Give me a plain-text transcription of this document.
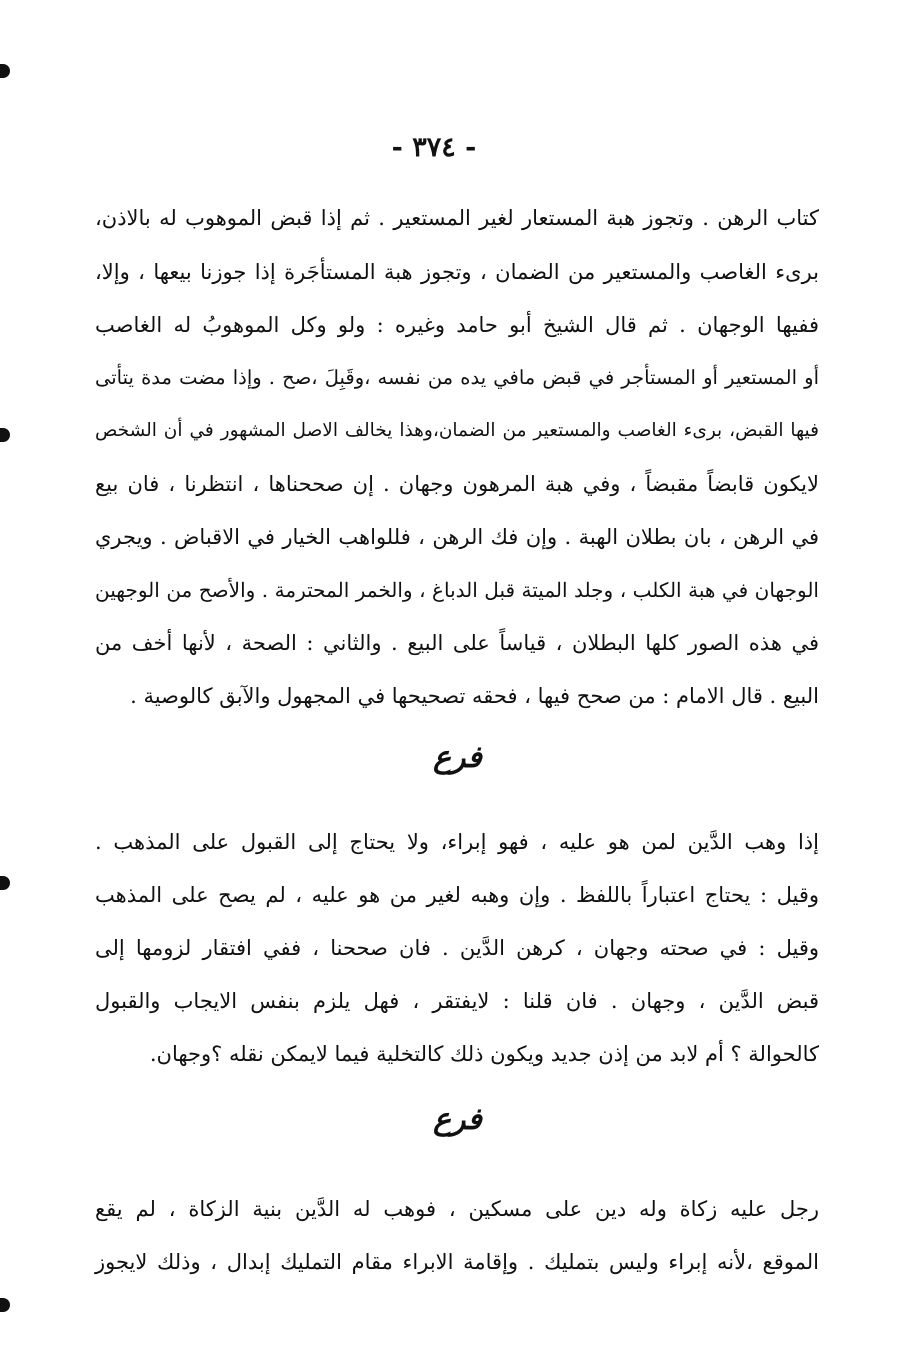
- ٣٧٤ -
كتاب الرهن . وتجوز هبة المستعار لغير المستعير . ثم إذا قبض الموهوب له بالاذن،
برىء الغاصب والمستعير من الضمان ، وتجوز هبة المستأجَرة إذا جوزنا بيعها ، وإلا،
ففيها الوجهان . ثم قال الشيخ أبو حامد وغيره : ولو وكل الموهوبُ له الغاصب
أو المستعير أو المستأجر في قبض مافي يده من نفسه ،وقَبِلَ ،صح . وإذا مضت مدة يتأتى
فيها القبض، برىء الغاصب والمستعير من الضمان،وهذا يخالف الاصل المشهور في أن الشخص
لايكون قابضاً مقبضاً ، وفي هبة المرهون وجهان . إن صححناها ، انتظرنا ، فان بيع
في الرهن ، بان بطلان الهبة . وإن فك الرهن ، فللواهب الخيار في الاقباض . ويجري
الوجهان في هبة الكلب ، وجلد الميتة قبل الدباغ ، والخمر المحترمة . والأصح من الوجهين
في هذه الصور كلها البطلان ، قياساً على البيع . والثاني : الصحة ، لأنها أخف من
البيع . قال الامام : من صحح فيها ، فحقه تصحيحها في المجهول والآبق كالوصية .
فرع
إذا وهب الدَّين لمن هو عليه ، فهو إبراء، ولا يحتاج إلى القبول على المذهب .
وقيل : يحتاج اعتباراً باللفظ . وإن وهبه لغير من هو عليه ، لم يصح على المذهب
وقيل : في صحته وجهان ، كرهن الدَّين . فان صححنا ، ففي افتقار لزومها إلى
قبض الدَّين ، وجهان . فان قلنا : لايفتقر ، فهل يلزم بنفس الايجاب والقبول
كالحوالة ؟ أم لابد من إذن جديد ويكون ذلك كالتخلية فيما لايمكن نقله ؟وجهان.
فرع
رجل عليه زكاة وله دين على مسكين ، فوهب له الدَّين بنية الزكاة ، لم يقع
الموقع ،لأنه إبراء وليس بتمليك . وإقامة الابراء مقام التمليك إبدال ، وذلك لايجوز
